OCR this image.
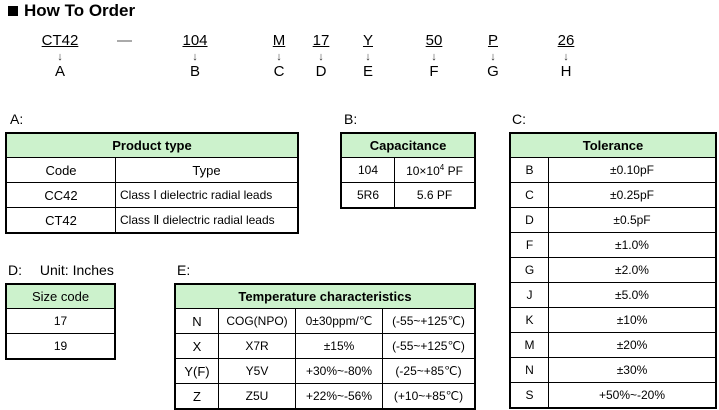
How To Order
CT42
↓
A
—	104
↓
B
M
↓
C
17
↓
D
Y
↓
E
50
↓
F
P
↓
G
26
↓
H
A:
Product type	
Code	Type
CC42	Class Ⅰ dielectric radial leads
CT42	Class Ⅱ dielectric radial leads
B:
Capacitance	
104	$10\times 10^4$ PF
5R6	5.6 PF
C:
Tolerance	
B	±0.10pF
C	±0.25pF
D	±0.5pF
F	±1.0%
G	±2.0%
J	±5.0%
K	±10%
M	±20%
N	±30%
S	+50%~-20%
D: Unit: Inches
Size code
17
19
E:
Temperature characteristics			
N	COG(NPO)	0±30ppm/℃	(-55~+125℃)
X	X7R	±15%	(-55~+125℃)
Y(F)	Y5V	+30%~-80%	(-25~+85℃)
Z	Z5U	+22%~-56%	(+10~+85℃)
